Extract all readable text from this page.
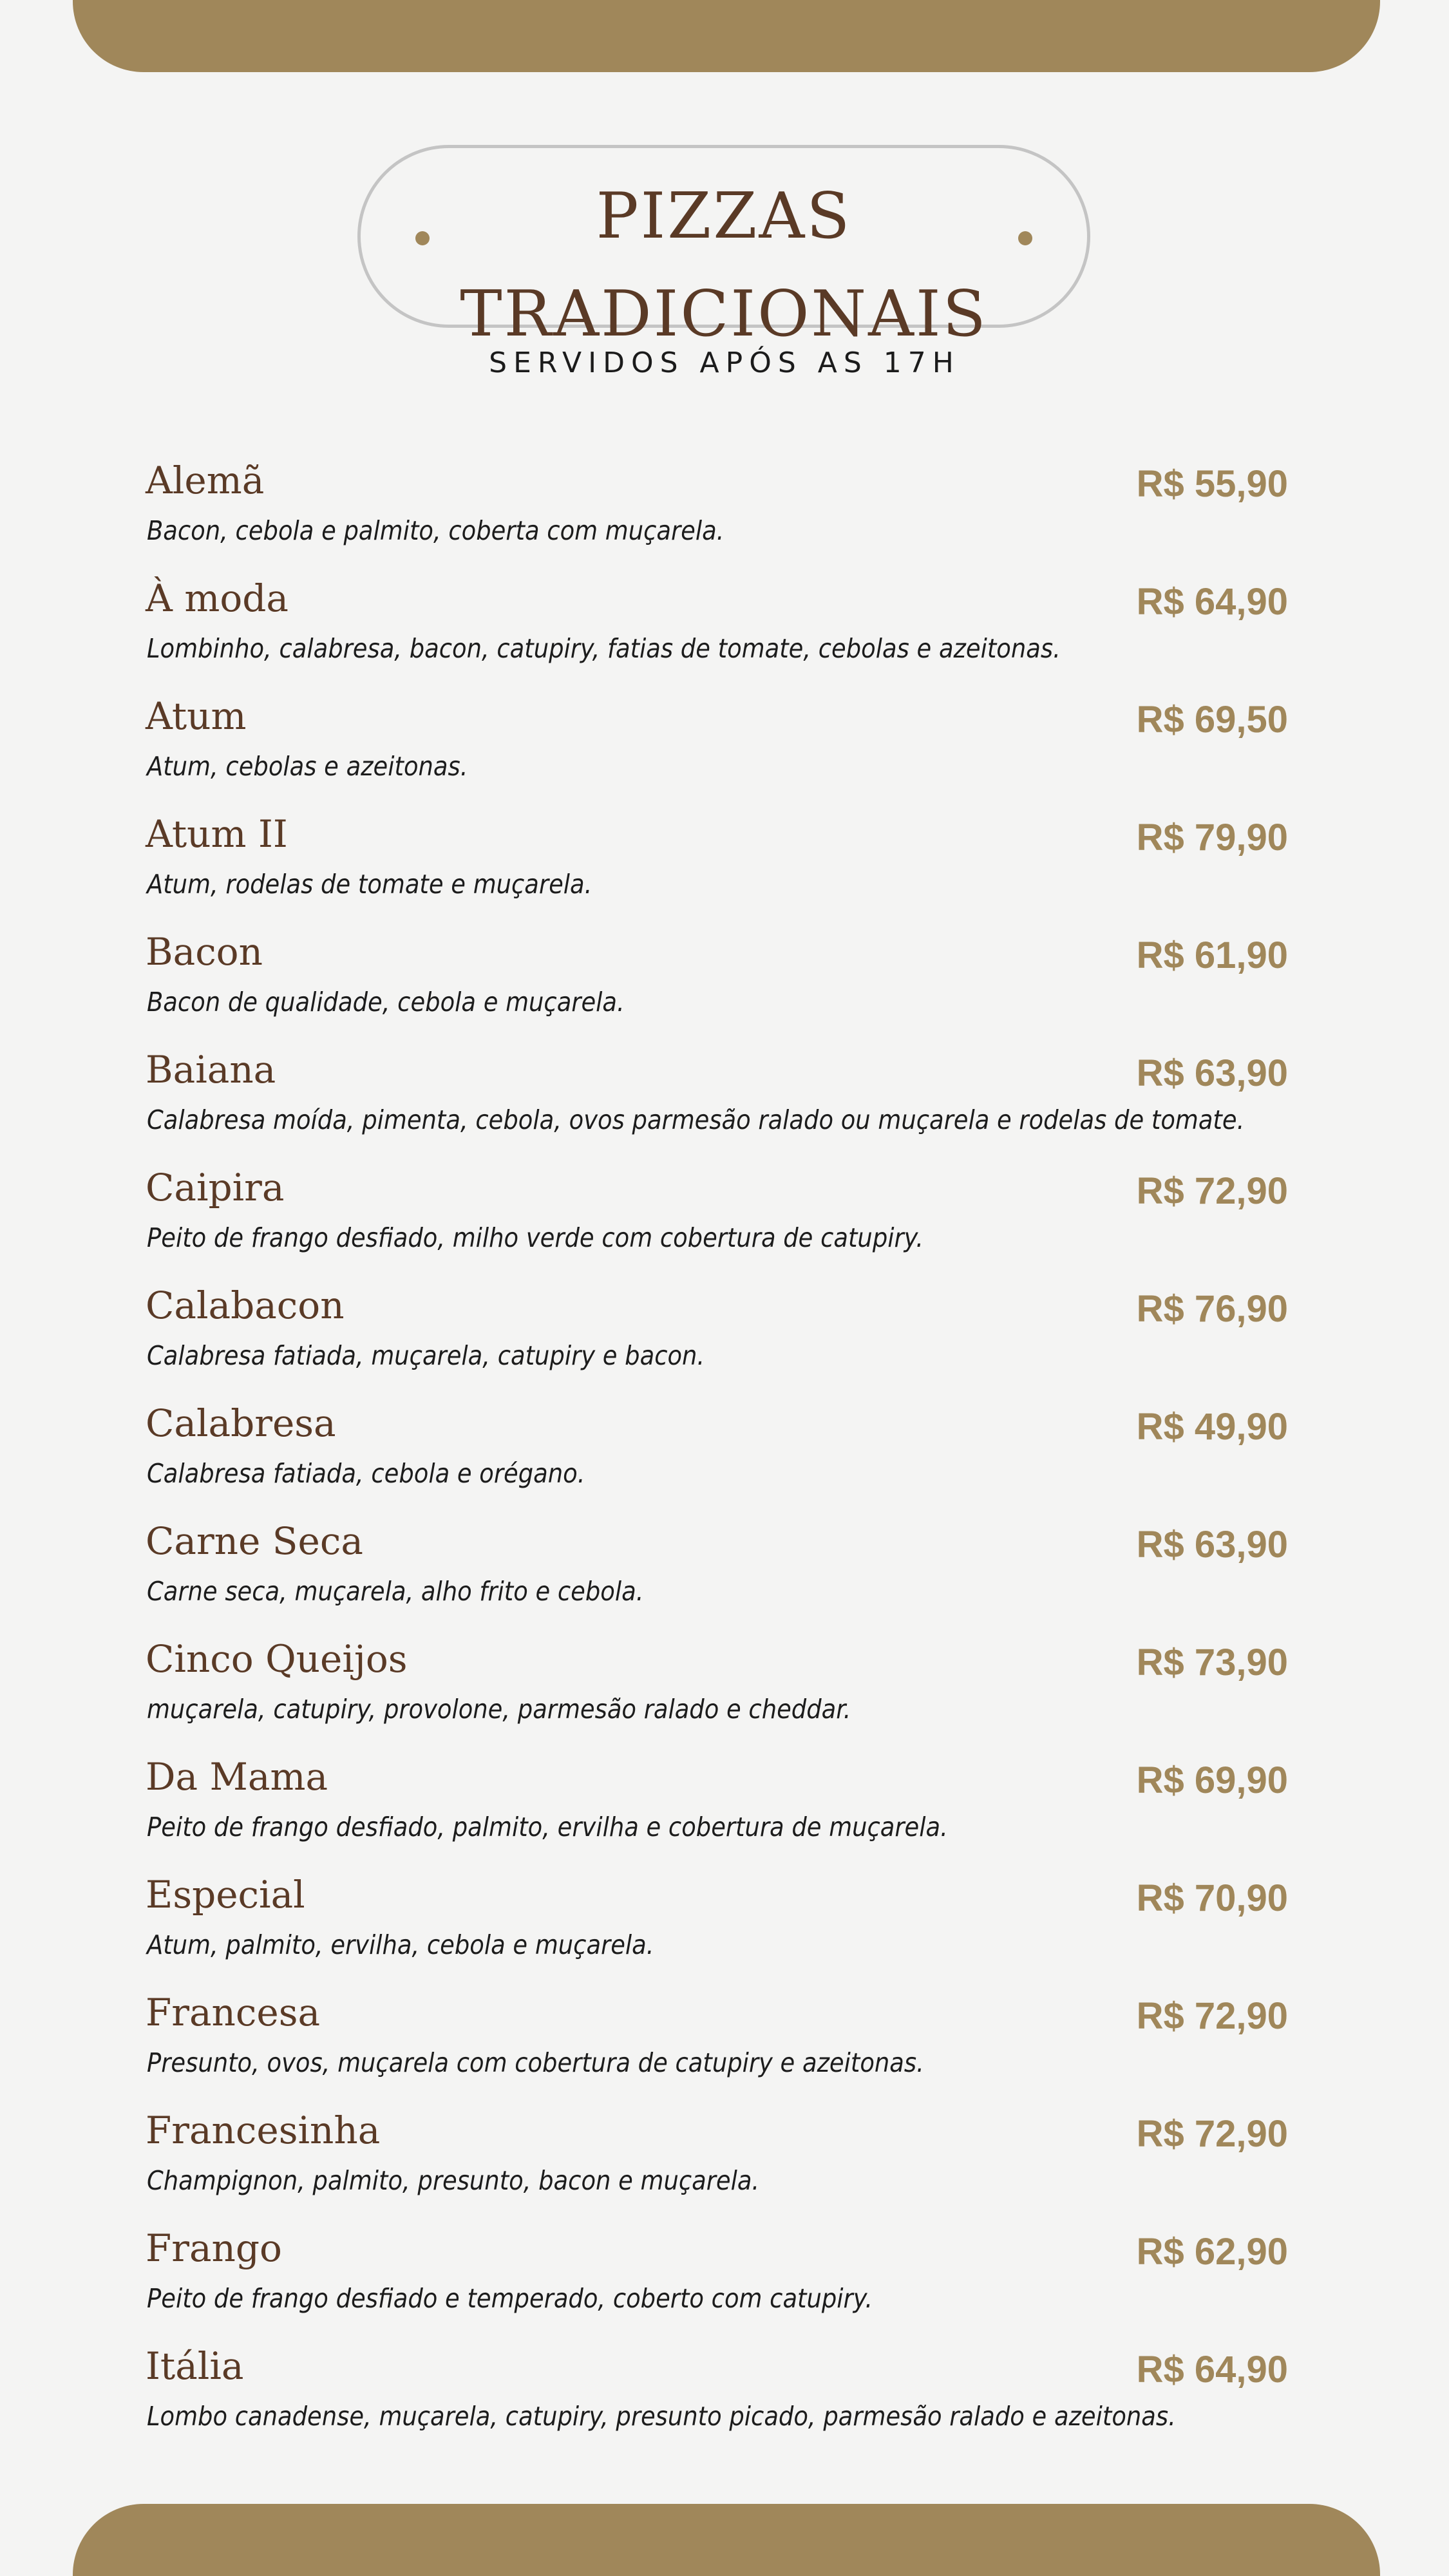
PIZZAS
TRADICIONAIS
SERVIDOS APÓS AS 17H
Alemã	R$ 55,90
Bacon, cebola e palmito, coberta com muçarela.
À moda	R$ 64,90
Lombinho, calabresa, bacon, catupiry, fatias de tomate, cebolas e azeitonas.
Atum	R$ 69,50
Atum, cebolas e azeitonas.
Atum II	R$ 79,90
Atum, rodelas de tomate e muçarela.
Bacon	R$ 61,90
Bacon de qualidade, cebola e muçarela.
Baiana	R$ 63,90
Calabresa moída, pimenta, cebola, ovos parmesão ralado ou muçarela e rodelas de tomate.
Caipira	R$ 72,90
Peito de frango desfiado, milho verde com cobertura de catupiry.
Calabacon	R$ 76,90
Calabresa fatiada, muçarela, catupiry e bacon.
Calabresa	R$ 49,90
Calabresa fatiada, cebola e orégano.
Carne Seca	R$ 63,90
Carne seca, muçarela, alho frito e cebola.
Cinco Queijos	R$ 73,90
muçarela, catupiry, provolone, parmesão ralado e cheddar.
Da Mama	R$ 69,90
Peito de frango desfiado, palmito, ervilha e cobertura de muçarela.
Especial	R$ 70,90
Atum, palmito, ervilha, cebola e muçarela.
Francesa	R$ 72,90
Presunto, ovos, muçarela com cobertura de catupiry e azeitonas.
Francesinha	R$ 72,90
Champignon, palmito, presunto, bacon e muçarela.
Frango	R$ 62,90
Peito de frango desfiado e temperado, coberto com catupiry.
Itália	R$ 64,90
Lombo canadense, muçarela, catupiry, presunto picado, parmesão ralado e azeitonas.
